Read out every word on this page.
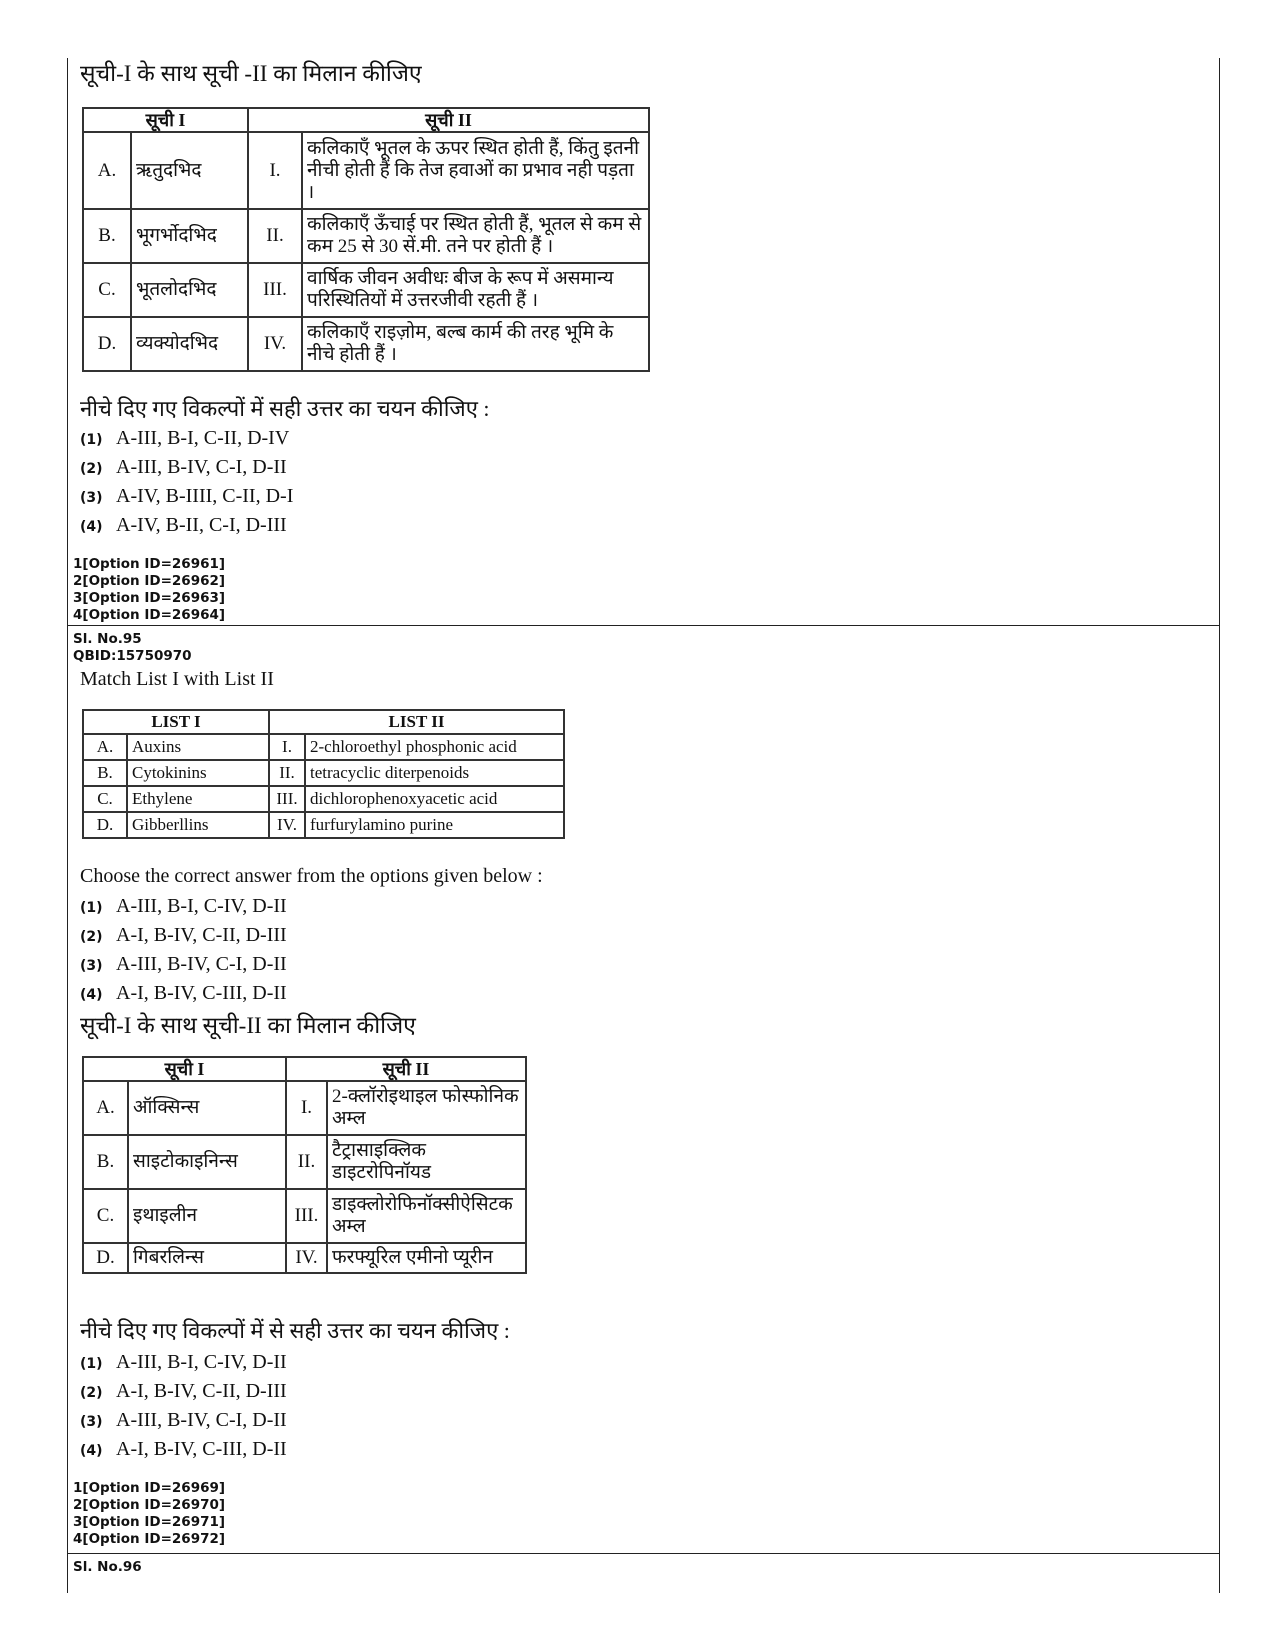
सूची-I के साथ सूची -II का मिलान कीजिए
सूची I		सूची II	
A.	ऋतुदभिद	I.	कलिकाएँ भूतल के ऊपर स्थित होती हैं, किंतु इतनी नीची होती हैं कि तेज हवाओं का प्रभाव नही पड़ता ।
B.	भूगर्भोदभिद	II.	कलिकाएँ ऊँचाई पर स्थित होती हैं, भूतल से कम से कम 25 से 30 सें.मी. तने पर होती हैं ।
C.	भूतलोदभिद	III.	वार्षिक जीवन अवीधः बीज के रूप में असमान्य परिस्थितियों में उत्तरजीवी रहती हैं ।
D.	व्यक्योदभिद	IV.	कलिकाएँ राइज़ोम, बल्ब कार्म की तरह भूमि के नीचे होती हैं ।
नीचे दिए गए विकल्पों में सही उत्तर का चयन कीजिए :
(1) A-III, B-I, C-II, D-IV
(2) A-III, B-IV, C-I, D-II
(3) A-IV, B-IIII, C-II, D-I
(4) A-IV, B-II, C-I, D-III
1[Option ID=26961]
2[Option ID=26962]
3[Option ID=26963]
4[Option ID=26964]
Sl. No.95
QBID:15750970
Match List I with List II
LIST I		LIST II	
A.	Auxins	I.	2-chloroethyl phosphonic acid
B.	Cytokinins	II.	tetracyclic diterpenoids
C.	Ethylene	III.	dichlorophenoxyacetic acid
D.	Gibberllins	IV.	furfurylamino purine
Choose the correct answer from the options given below :
(1) A-III, B-I, C-IV, D-II
(2) A-I, B-IV, C-II, D-III
(3) A-III, B-IV, C-I, D-II
(4) A-I, B-IV, C-III, D-II
सूची-I के साथ सूची-II का मिलान कीजिए
सूची I		सूची II	
A.	ऑक्सिन्स	I.	2-क्लॉरोइथाइल फोस्फोनिक अम्ल
B.	साइटोकाइनिन्स	II.	टैट्रासाइक्लिक डाइटरोपिनॉयड
C.	इथाइलीन	III.	डाइक्लोरोफिनॉक्सीऐसिटक अम्ल
D.	गिबरलिन्स	IV.	फरफ्यूरिल एमीनो प्यूरीन
नीचे दिए गए विकल्पों में से सही उत्तर का चयन कीजिए :
(1) A-III, B-I, C-IV, D-II
(2) A-I, B-IV, C-II, D-III
(3) A-III, B-IV, C-I, D-II
(4) A-I, B-IV, C-III, D-II
1[Option ID=26969]
2[Option ID=26970]
3[Option ID=26971]
4[Option ID=26972]
Sl. No.96
